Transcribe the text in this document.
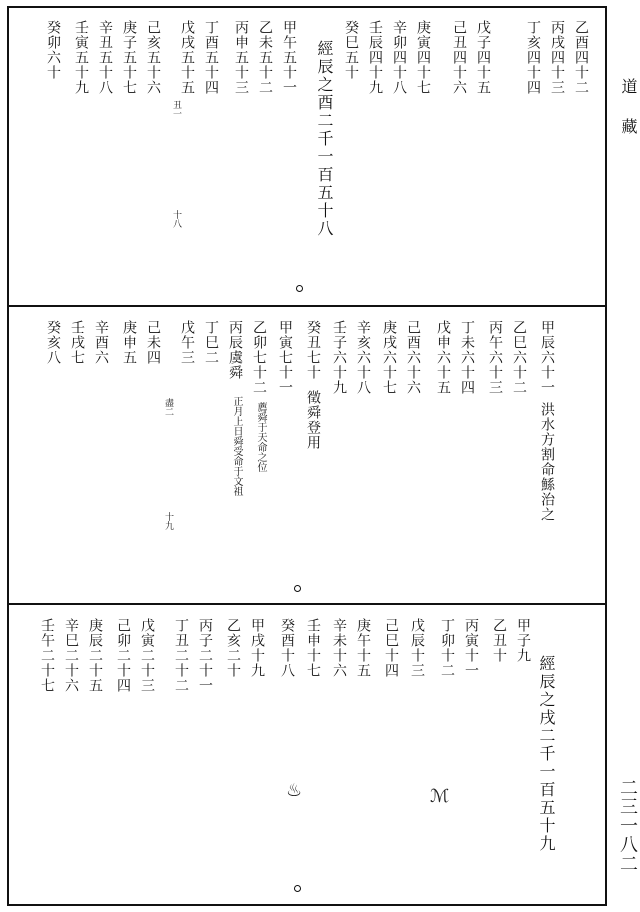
乙酉四十二
丙戌四十三
丁亥四十四
戊子四十五
己丑四十六
庚寅四十七
辛卯四十八
壬辰四十九
癸巳五十
經辰之酉二千一百五十八
甲午五十一
乙未五十二
丙申五十三
丁酉五十四
戊戌五十五
己亥五十六
庚子五十七
辛丑五十八
壬寅五十九
癸卯六十
丑一
十八
甲辰六十一
洪水方割命鯀治之
乙巳六十二
丙午六十三
丁未六十四
戊申六十五
己酉六十六
庚戌六十七
辛亥六十八
壬子六十九
癸丑七十
徵舜登用
甲寅七十一
乙卯七十二
薦舜于天命之位
丙辰虞舜
正月上日舜受命于文祖
丁巳二
戊午三
己未四
庚申五
辛酉六
壬戌七
癸亥八
盡二
十九
經辰之戌二千一百五十九
甲子九
乙丑十
丙寅十一
丁卯十二
戊辰十三
己巳十四
庚午十五
辛未十六
壬申十七
癸酉十八
甲戌十九
乙亥二十
丙子二十一
丁丑二十二
戊寅二十三
己卯二十四
庚辰二十五
辛巳二十六
壬午二十七
♨	ℳ
道藏
二三一八二
